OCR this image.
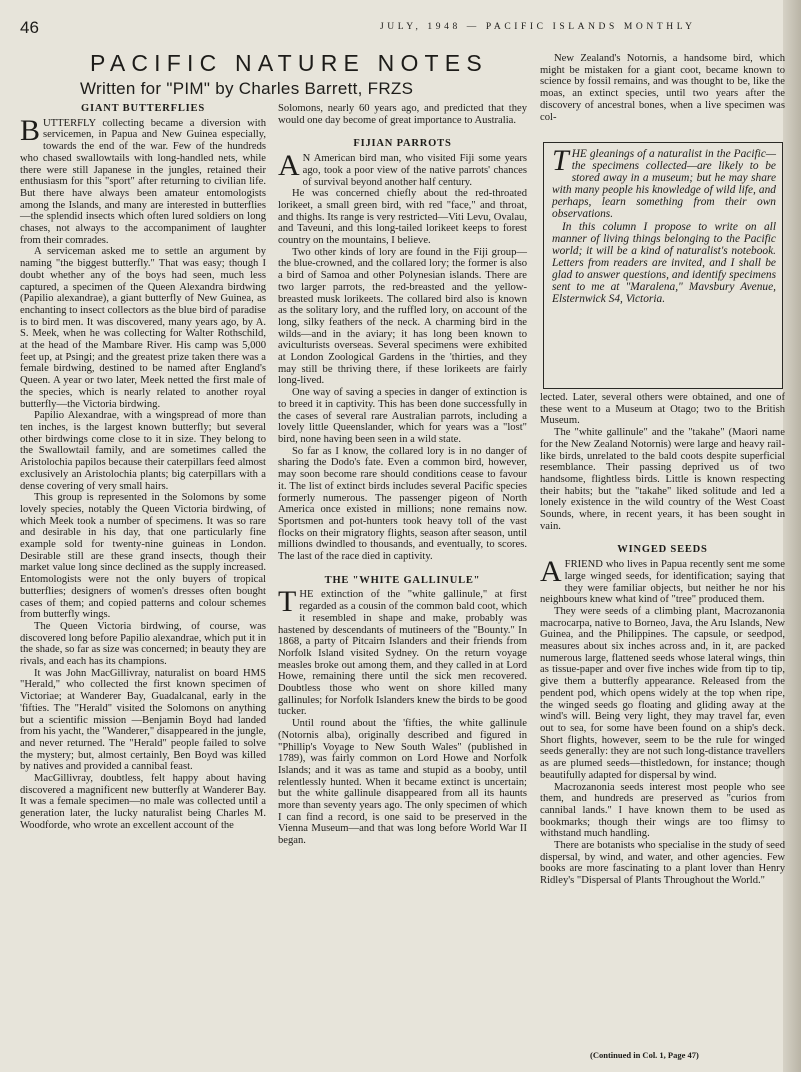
46	JULY, 1948 — PACIFIC ISLANDS MONTHLY
PACIFIC NATURE NOTES
Written for "PIM" by Charles Barrett, FRZS
GIANT BUTTERFLIES

BUTTERFLY collecting became a diversion with servicemen, in Papua and New Guinea especially, towards the end of the war. Few of the hundreds who chased swallowtails with long-handled nets, while there were still Japanese in the jungles, retained their enthusiasm for this "sport" after returning to civilian life. But there have always been amateur entomologists among the Islands, and many are interested in butterflies—the splendid insects which often lured soldiers on long chases, not always to the accompaniment of laughter from their comrades.

A serviceman asked me to settle an argument by naming "the biggest butterfly." That was easy; though I doubt whether any of the boys had seen, much less captured, a specimen of the Queen Alexandra birdwing (Papilio alexandrae), a giant butterfly of New Guinea, as enchanting to insect collectors as the blue bird of paradise is to bird men. It was discovered, many years ago, by A. S. Meek, when he was collecting for Walter Rothschild, at the head of the Mambare River. His camp was 5,000 feet up, at Psingi; and the greatest prize taken there was a female birdwing, destined to be named after England's Queen. A year or two later, Meek netted the first male of the species, which is nearly related to another royal butterfly—the Victoria birdwing.

Papilio Alexandrae, with a wingspread of more than ten inches, is the largest known butterfly; but several other birdwings come close to it in size. They belong to the Swallowtail family, and are sometimes called the Aristolochia papilos because their caterpillars feed almost exclusively an Aristolochia plants; big caterpillars with a dense covering of very small hairs.

This group is represented in the Solomons by some lovely species, notably the Queen Victoria birdwing, of which Meek took a number of specimens. It was so rare and desirable in his day, that one particularly fine example sold for twenty-nine guineas in London. Desirable still are these grand insects, though their market value long since declined as the supply increased. Entomologists were not the only buyers of tropical butterflies; designers of women's dresses often bought cases of them; and copied patterns and colour schemes from butterfly wings.

The Queen Victoria birdwing, of course, was discovered long before Papilio alexandrae, which put it in the shade, so far as size was concerned; in beauty they are rivals, and each has its champions.

It was John MacGillivray, naturalist on board HMS "Herald," who collected the first known specimen of Victoriae; at Wanderer Bay, Guadalcanal, early in the 'fifties. The "Herald" visited the Solomons on anything but a scientific mission —Benjamin Boyd had landed from his yacht, the "Wanderer," disappeared in the jungle, and never returned. The "Herald" people failed to solve the mystery; but, almost certainly, Ben Boyd was killed by natives and provided a cannibal feast.

MacGillivray, doubtless, felt happy about having discovered a magnificent new butterfly at Wanderer Bay. It was a female specimen—no male was collected until a generation later, the lucky naturalist being Charles M. Woodforde, who wrote an excellent account of the

Solomons, nearly 60 years ago, and predicted that they would one day become of great importance to Australia.

FIJIAN PARROTS

AN American bird man, who visited Fiji some years ago, took a poor view of the native parrots' chances of survival beyond another half century.

He was concerned chiefly about the red-throated lorikeet, a small green bird, with red "face," and throat, and thighs. Its range is very restricted—Viti Levu, Ovalau, and Taveuni, and this long-tailed lorikeet keeps to forest country on the mountains, I believe.

Two other kinds of lory are found in the Fiji group—the blue-crowned, and the collared lory; the former is also a bird of Samoa and other Polynesian islands. There are two larger parrots, the red-breasted and the yellow-breasted musk lorikeets. The collared bird also is known as the solitary lory, and the ruffled lory, on account of the long, silky feathers of the neck. A charming bird in the wilds—and in the aviary; it has long been known to aviculturists overseas. Several specimens were exhibited at London Zoological Gardens in the 'thirties, and they may still be thriving there, if these lorikeets are fairly long-lived.

One way of saving a species in danger of extinction is to breed it in captivity. This has been done successfully in the cases of several rare Australian parrots, including a lovely little Queenslander, which for years was a "lost" bird, none having been seen in a wild state.

So far as I know, the collared lory is in no danger of sharing the Dodo's fate. Even a common bird, however, may soon become rare should conditions cease to favour it. The list of extinct birds includes several Pacific species formerly numerous. The passenger pigeon of North America once existed in millions; none remains now. Sportsmen and pot-hunters took heavy toll of the vast flocks on their migratory flights, season after season, until millions dwindled to thousands, and eventually, to scores. The last of the race died in captivity.

THE "WHITE GALLINULE"

THE extinction of the "white gallinule," at first regarded as a cousin of the common bald coot, which it resembled in shape and make, probably was hastened by descendants of mutineers of the "Bounty." In 1868, a party of Pitcairn Islanders and their friends from Norfolk Island visited Sydney. On the return voyage measles broke out among them, and they called in at Lord Howe, remaining there until the sick men recovered. Doubtless those who went on shore killed many gallinules; for Norfolk Islanders knew the birds to be good tucker.

Until round about the 'fifties, the white gallinule (Notornis alba), originally described and figured in "Phillip's Voyage to New South Wales" (published in 1789), was fairly common on Lord Howe and Norfolk Islands; and it was as tame and stupid as a booby, until relentlessly hunted. When it became extinct is uncertain; but the white gallinule disappeared from all its haunts more than seventy years ago. The only specimen of which I can find a record, is one said to be preserved in the Vienna Museum—and that was long before World War II began.

New Zealand's Notornis, a handsome bird, which might be mistaken for a giant coot, became known to science by fossil remains, and was thought to be, like the moas, an extinct species, until two years after the discovery of ancestral bones, when a live specimen was col-

THE gleanings of a naturalist in the Pacific—the specimens collected—are likely to be stored away in a museum; but he may share with many people his knowledge of wild life, and perhaps, learn something from their own observations.

In this column I propose to write on all manner of living things belonging to the Pacific world; it will be a kind of naturalist's notebook. Letters from readers are invited, and I shall be glad to answer questions, and identify specimens sent to me at "Maralena," Mavsbury Avenue, Elsternwick S4, Victoria.

lected. Later, several others were obtained, and one of these went to a Museum at Otago; two to the British Museum.

The "white gallinule" and the "takahe" (Maori name for the New Zealand Notornis) were large and heavy rail-like birds, unrelated to the bald coots despite superficial resemblance. Their passing deprived us of two handsome, flightless birds. Little is known respecting their habits; but the "takahe" liked solitude and led a lonely existence in the wild country of the West Coast Sounds, where, in recent years, it has been sought in vain.

WINGED SEEDS

AFRIEND who lives in Papua recently sent me some large winged seeds, for identification; saying that they were familiar objects, but neither he nor his neighbours knew what kind of "tree" produced them.

They were seeds of a climbing plant, Macrozanonia macrocarpa, native to Borneo, Java, the Aru Islands, New Guinea, and the Philippines. The capsule, or seedpod, measures about six inches across and, in it, are packed numerous large, flattened seeds whose lateral wings, thin as tissue-paper and over five inches wide from tip to tip, give them a butterfly appearance. Released from the pendent pod, which opens widely at the top when ripe, the winged seeds go floating and gliding away at the wind's will. Being very light, they may travel far, even out to sea, for some have been found on a ship's deck. Short flights, however, seem to be the rule for winged seeds generally: they are not such long-distance travellers as are plumed seeds—thistledown, for instance; though beautifully adapted for dispersal by wind.

Macrozanonia seeds interest most people who see them, and hundreds are preserved as "curios from cannibal lands." I have known them to be used as bookmarks; though their wings are too flimsy to withstand much handling.

There are botanists who specialise in the study of seed dispersal, by wind, and water, and other agencies. Few books are more fascinating to a plant lover than Henry Ridley's "Dispersal of Plants Throughout the World."

(Continued in Col. 1, Page 47)
